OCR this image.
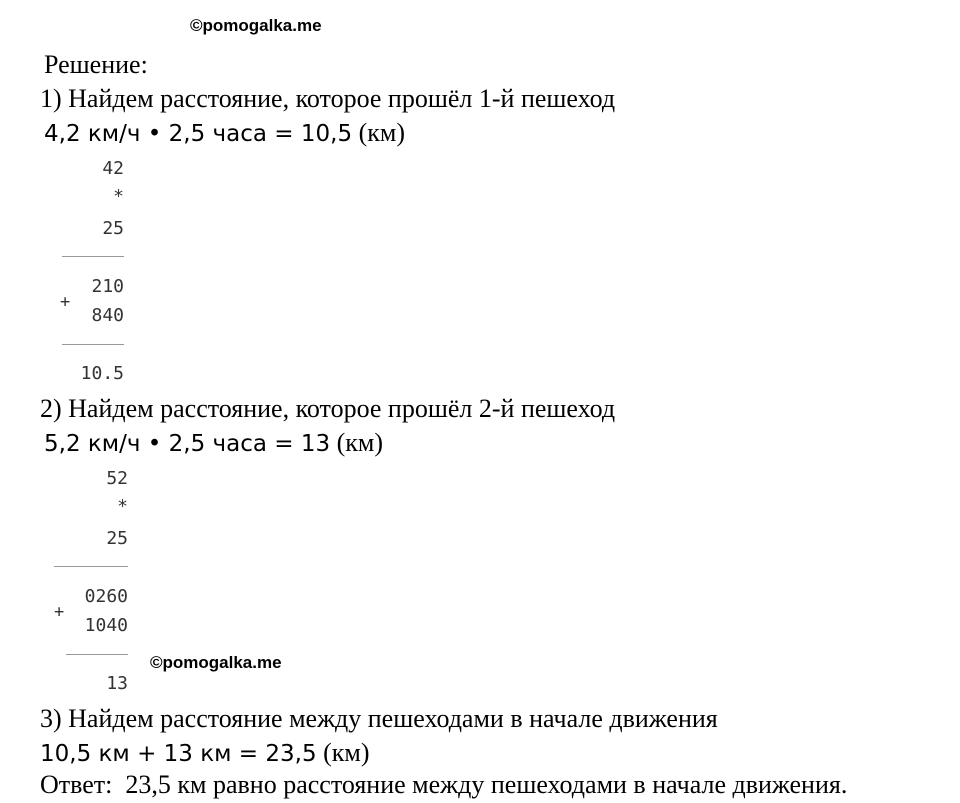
©pomogalka.me
Решение:
1) Найдем расстояние, которое прошёл 1-й пешеход
4,2 км/ч • 2,5 часа = 10,5 (км)
42
*
25
210
+
840
10.5
2) Найдем расстояние, которое прошёл 2-й пешеход
5,2 км/ч • 2,5 часа = 13 (км)
52
*
25
0260
+
1040
13
©pomogalka.me
3) Найдем расстояние между пешеходами в начале движения
10,5 км + 13 км = 23,5 (км)
Ответ:  23,5 км равно расстояние между пешеходами в начале движения.
